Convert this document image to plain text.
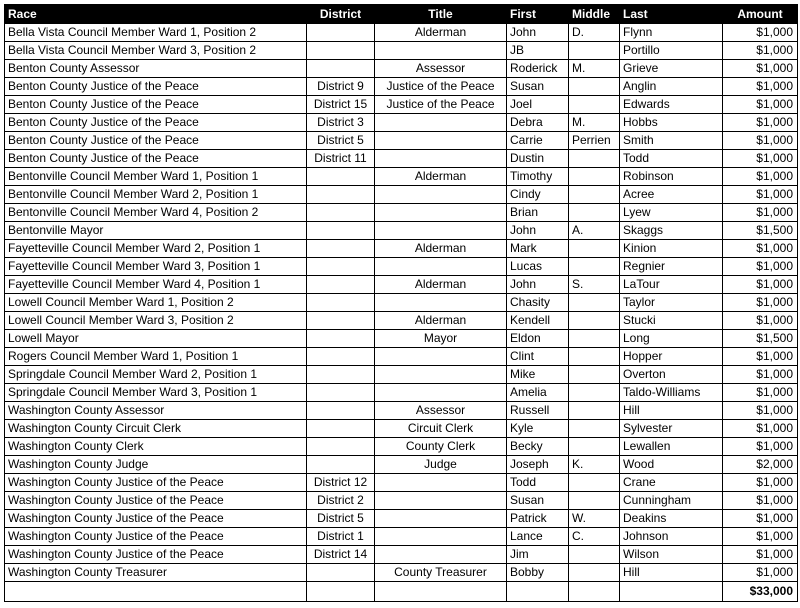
Race	District	Title	First	Middle	Last	Amount
Bella Vista Council Member Ward 1, Position 2		Alderman	John	D.	Flynn	$1,000
Bella Vista Council Member Ward 3, Position 2			JB		Portillo	$1,000
Benton County Assessor		Assessor	Roderick	M.	Grieve	$1,000
Benton County Justice of the Peace	District 9	Justice of the Peace	Susan		Anglin	$1,000
Benton County Justice of the Peace	District 15	Justice of the Peace	Joel		Edwards	$1,000
Benton County Justice of the Peace	District 3		Debra	M.	Hobbs	$1,000
Benton County Justice of the Peace	District 5		Carrie	Perrien	Smith	$1,000
Benton County Justice of the Peace	District 11		Dustin		Todd	$1,000
Bentonville Council Member Ward 1, Position 1		Alderman	Timothy		Robinson	$1,000
Bentonville Council Member Ward 2, Position 1			Cindy		Acree	$1,000
Bentonville Council Member Ward 4, Position 2			Brian		Lyew	$1,000
Bentonville Mayor			John	A.	Skaggs	$1,500
Fayetteville Council Member Ward 2, Position 1		Alderman	Mark		Kinion	$1,000
Fayetteville Council Member Ward 3, Position 1			Lucas		Regnier	$1,000
Fayetteville Council Member Ward 4, Position 1		Alderman	John	S.	LaTour	$1,000
Lowell Council Member Ward 1, Position 2			Chasity		Taylor	$1,000
Lowell Council Member Ward 3, Position 2		Alderman	Kendell		Stucki	$1,000
Lowell Mayor		Mayor	Eldon		Long	$1,500
Rogers Council Member Ward 1, Position 1			Clint		Hopper	$1,000
Springdale Council Member Ward 2, Position 1			Mike		Overton	$1,000
Springdale Council Member Ward 3, Position 1			Amelia		Taldo-Williams	$1,000
Washington County Assessor		Assessor	Russell		Hill	$1,000
Washington County Circuit Clerk		Circuit Clerk	Kyle		Sylvester	$1,000
Washington County Clerk		County Clerk	Becky		Lewallen	$1,000
Washington County Judge		Judge	Joseph	K.	Wood	$2,000
Washington County Justice of the Peace	District 12		Todd		Crane	$1,000
Washington County Justice of the Peace	District 2		Susan		Cunningham	$1,000
Washington County Justice of the Peace	District 5		Patrick	W.	Deakins	$1,000
Washington County Justice of the Peace	District 1		Lance	C.	Johnson	$1,000
Washington County Justice of the Peace	District 14		Jim		Wilson	$1,000
Washington County Treasurer		County Treasurer	Bobby		Hill	$1,000
						$33,000
